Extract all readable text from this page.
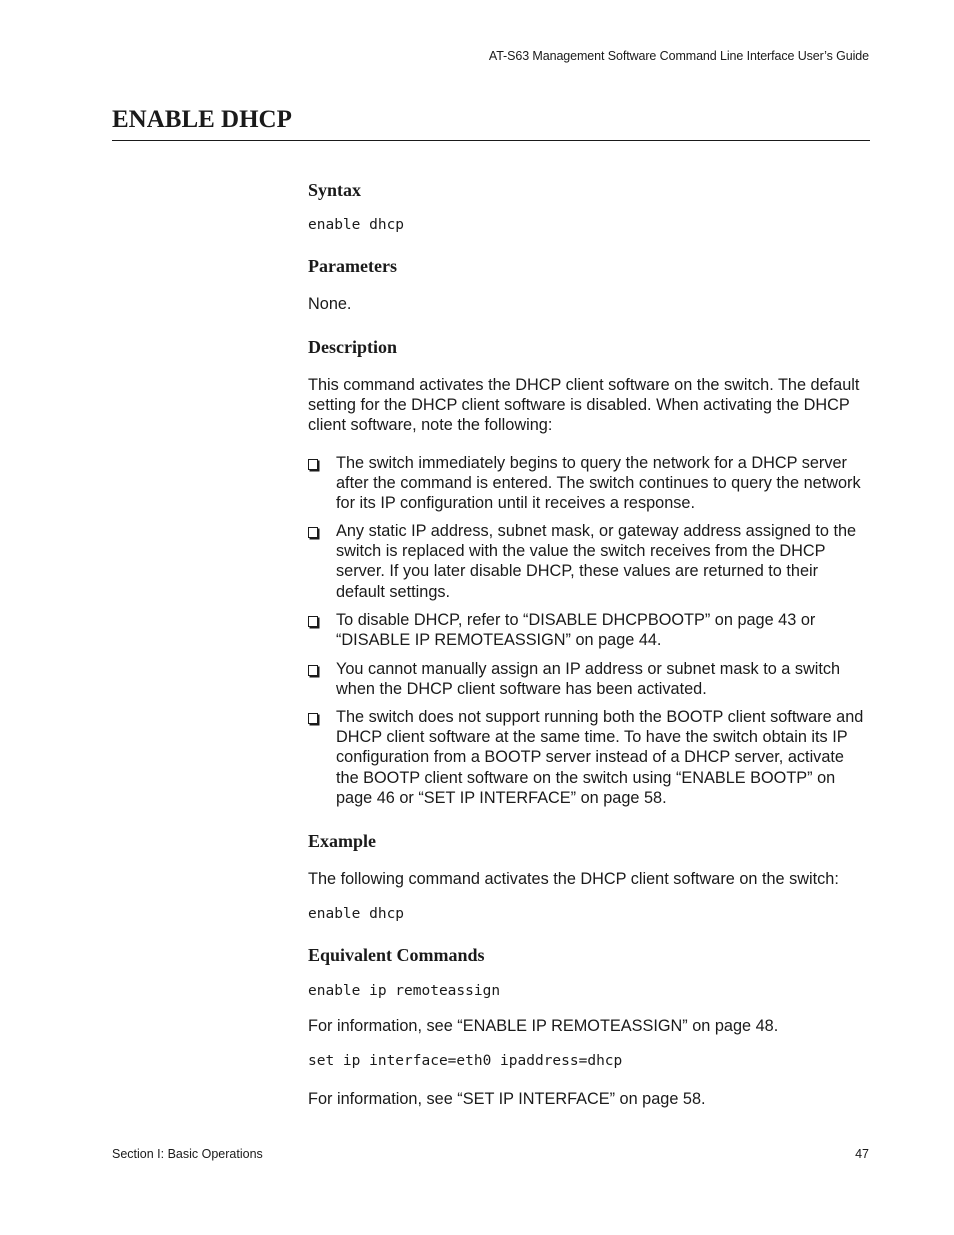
AT-S63 Management Software Command Line Interface User’s Guide
ENABLE DHCP
Syntax
enable dhcp
Parameters

None.

Description

This command activates the DHCP client software on the switch. The default setting for the DHCP client software is disabled. When activating the DHCP client software, note the following:

The switch immediately begins to query the network for a DHCP server after the command is entered. The switch continues to query the network for its IP configuration until it receives a response.
Any static IP address, subnet mask, or gateway address assigned to the switch is replaced with the value the switch receives from the DHCP server. If you later disable DHCP, these values are returned to their default settings.
To disable DHCP, refer to “DISABLE DHCPBOOTP” on page 43 or “DISABLE IP REMOTEASSIGN” on page 44.
You cannot manually assign an IP address or subnet mask to a switch when the DHCP client software has been activated.
The switch does not support running both the BOOTP client software and DHCP client software at the same time. To have the switch obtain its IP configuration from a BOOTP server instead of a DHCP server, activate the BOOTP client software on the switch using “ENABLE BOOTP” on page 46 or “SET IP INTERFACE” on page 58.
Example

The following command activates the DHCP client software on the switch:

enable dhcp
Equivalent Commands
enable ip remoteassign

For information, see “ENABLE IP REMOTEASSIGN” on page 48.

set ip interface=eth0 ipaddress=dhcp

For information, see “SET IP INTERFACE” on page 58.

Section I: Basic Operations	47
